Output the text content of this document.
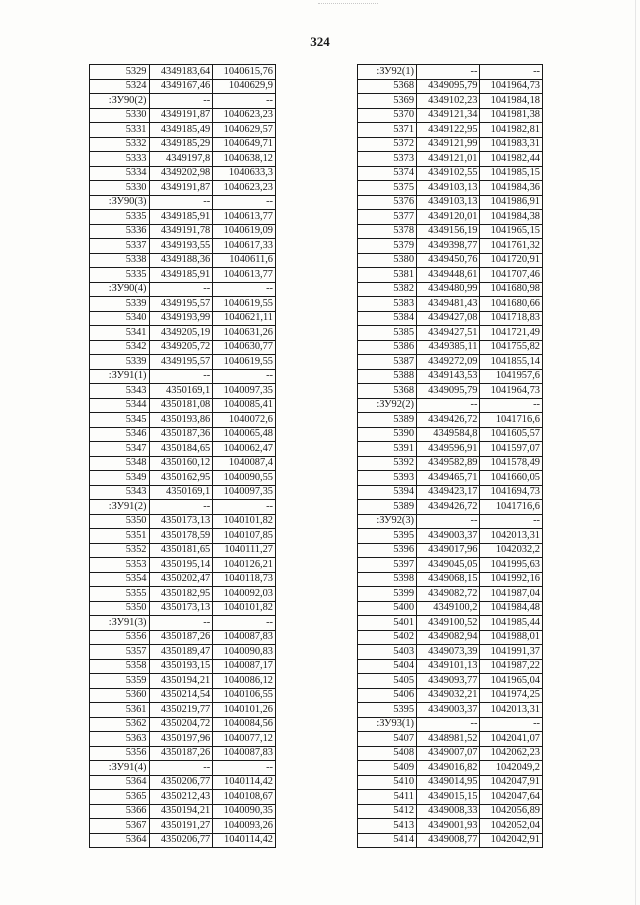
324
5329	4349183,64	1040615,76
5324	4349167,46	1040629,9
:ЗУ90(2)	--	--
5330	4349191,87	1040623,23
5331	4349185,49	1040629,57
5332	4349185,29	1040649,71
5333	4349197,8	1040638,12
5334	4349202,98	1040633,3
5330	4349191,87	1040623,23
:ЗУ90(3)	--	--
5335	4349185,91	1040613,77
5336	4349191,78	1040619,09
5337	4349193,55	1040617,33
5338	4349188,36	1040611,6
5335	4349185,91	1040613,77
:ЗУ90(4)	--	--
5339	4349195,57	1040619,55
5340	4349193,99	1040621,11
5341	4349205,19	1040631,26
5342	4349205,72	1040630,77
5339	4349195,57	1040619,55
:ЗУ91(1)	--	--
5343	4350169,1	1040097,35
5344	4350181,08	1040085,41
5345	4350193,86	1040072,6
5346	4350187,36	1040065,48
5347	4350184,65	1040062,47
5348	4350160,12	1040087,4
5349	4350162,95	1040090,55
5343	4350169,1	1040097,35
:ЗУ91(2)	--	--
5350	4350173,13	1040101,82
5351	4350178,59	1040107,85
5352	4350181,65	1040111,27
5353	4350195,14	1040126,21
5354	4350202,47	1040118,73
5355	4350182,95	1040092,03
5350	4350173,13	1040101,82
:ЗУ91(3)	--	--
5356	4350187,26	1040087,83
5357	4350189,47	1040090,83
5358	4350193,15	1040087,17
5359	4350194,21	1040086,12
5360	4350214,54	1040106,55
5361	4350219,77	1040101,26
5362	4350204,72	1040084,56
5363	4350197,96	1040077,12
5356	4350187,26	1040087,83
:ЗУ91(4)	--	--
5364	4350206,77	1040114,42
5365	4350212,43	1040108,67
5366	4350194,21	1040090,35
5367	4350191,27	1040093,26
5364	4350206,77	1040114,42
:ЗУ92(1)	--	--
5368	4349095,79	1041964,73
5369	4349102,23	1041984,18
5370	4349121,34	1041981,38
5371	4349122,95	1041982,81
5372	4349121,99	1041983,31
5373	4349121,01	1041982,44
5374	4349102,55	1041985,15
5375	4349103,13	1041984,36
5376	4349103,13	1041986,91
5377	4349120,01	1041984,38
5378	4349156,19	1041965,15
5379	4349398,77	1041761,32
5380	4349450,76	1041720,91
5381	4349448,61	1041707,46
5382	4349480,99	1041680,98
5383	4349481,43	1041680,66
5384	4349427,08	1041718,83
5385	4349427,51	1041721,49
5386	4349385,11	1041755,82
5387	4349272,09	1041855,14
5388	4349143,53	1041957,6
5368	4349095,79	1041964,73
:ЗУ92(2)	--	--
5389	4349426,72	1041716,6
5390	4349584,8	1041605,57
5391	4349596,91	1041597,07
5392	4349582,89	1041578,49
5393	4349465,71	1041660,05
5394	4349423,17	1041694,73
5389	4349426,72	1041716,6
:ЗУ92(3)	--	--
5395	4349003,37	1042013,31
5396	4349017,96	1042032,2
5397	4349045,05	1041995,63
5398	4349068,15	1041992,16
5399	4349082,72	1041987,04
5400	4349100,2	1041984,48
5401	4349100,52	1041985,44
5402	4349082,94	1041988,01
5403	4349073,39	1041991,37
5404	4349101,13	1041987,22
5405	4349093,77	1041965,04
5406	4349032,21	1041974,25
5395	4349003,37	1042013,31
:ЗУ93(1)	--	--
5407	4348981,52	1042041,07
5408	4349007,07	1042062,23
5409	4349016,82	1042049,2
5410	4349014,95	1042047,91
5411	4349015,15	1042047,64
5412	4349008,33	1042056,89
5413	4349001,93	1042052,04
5414	4349008,77	1042042,91
